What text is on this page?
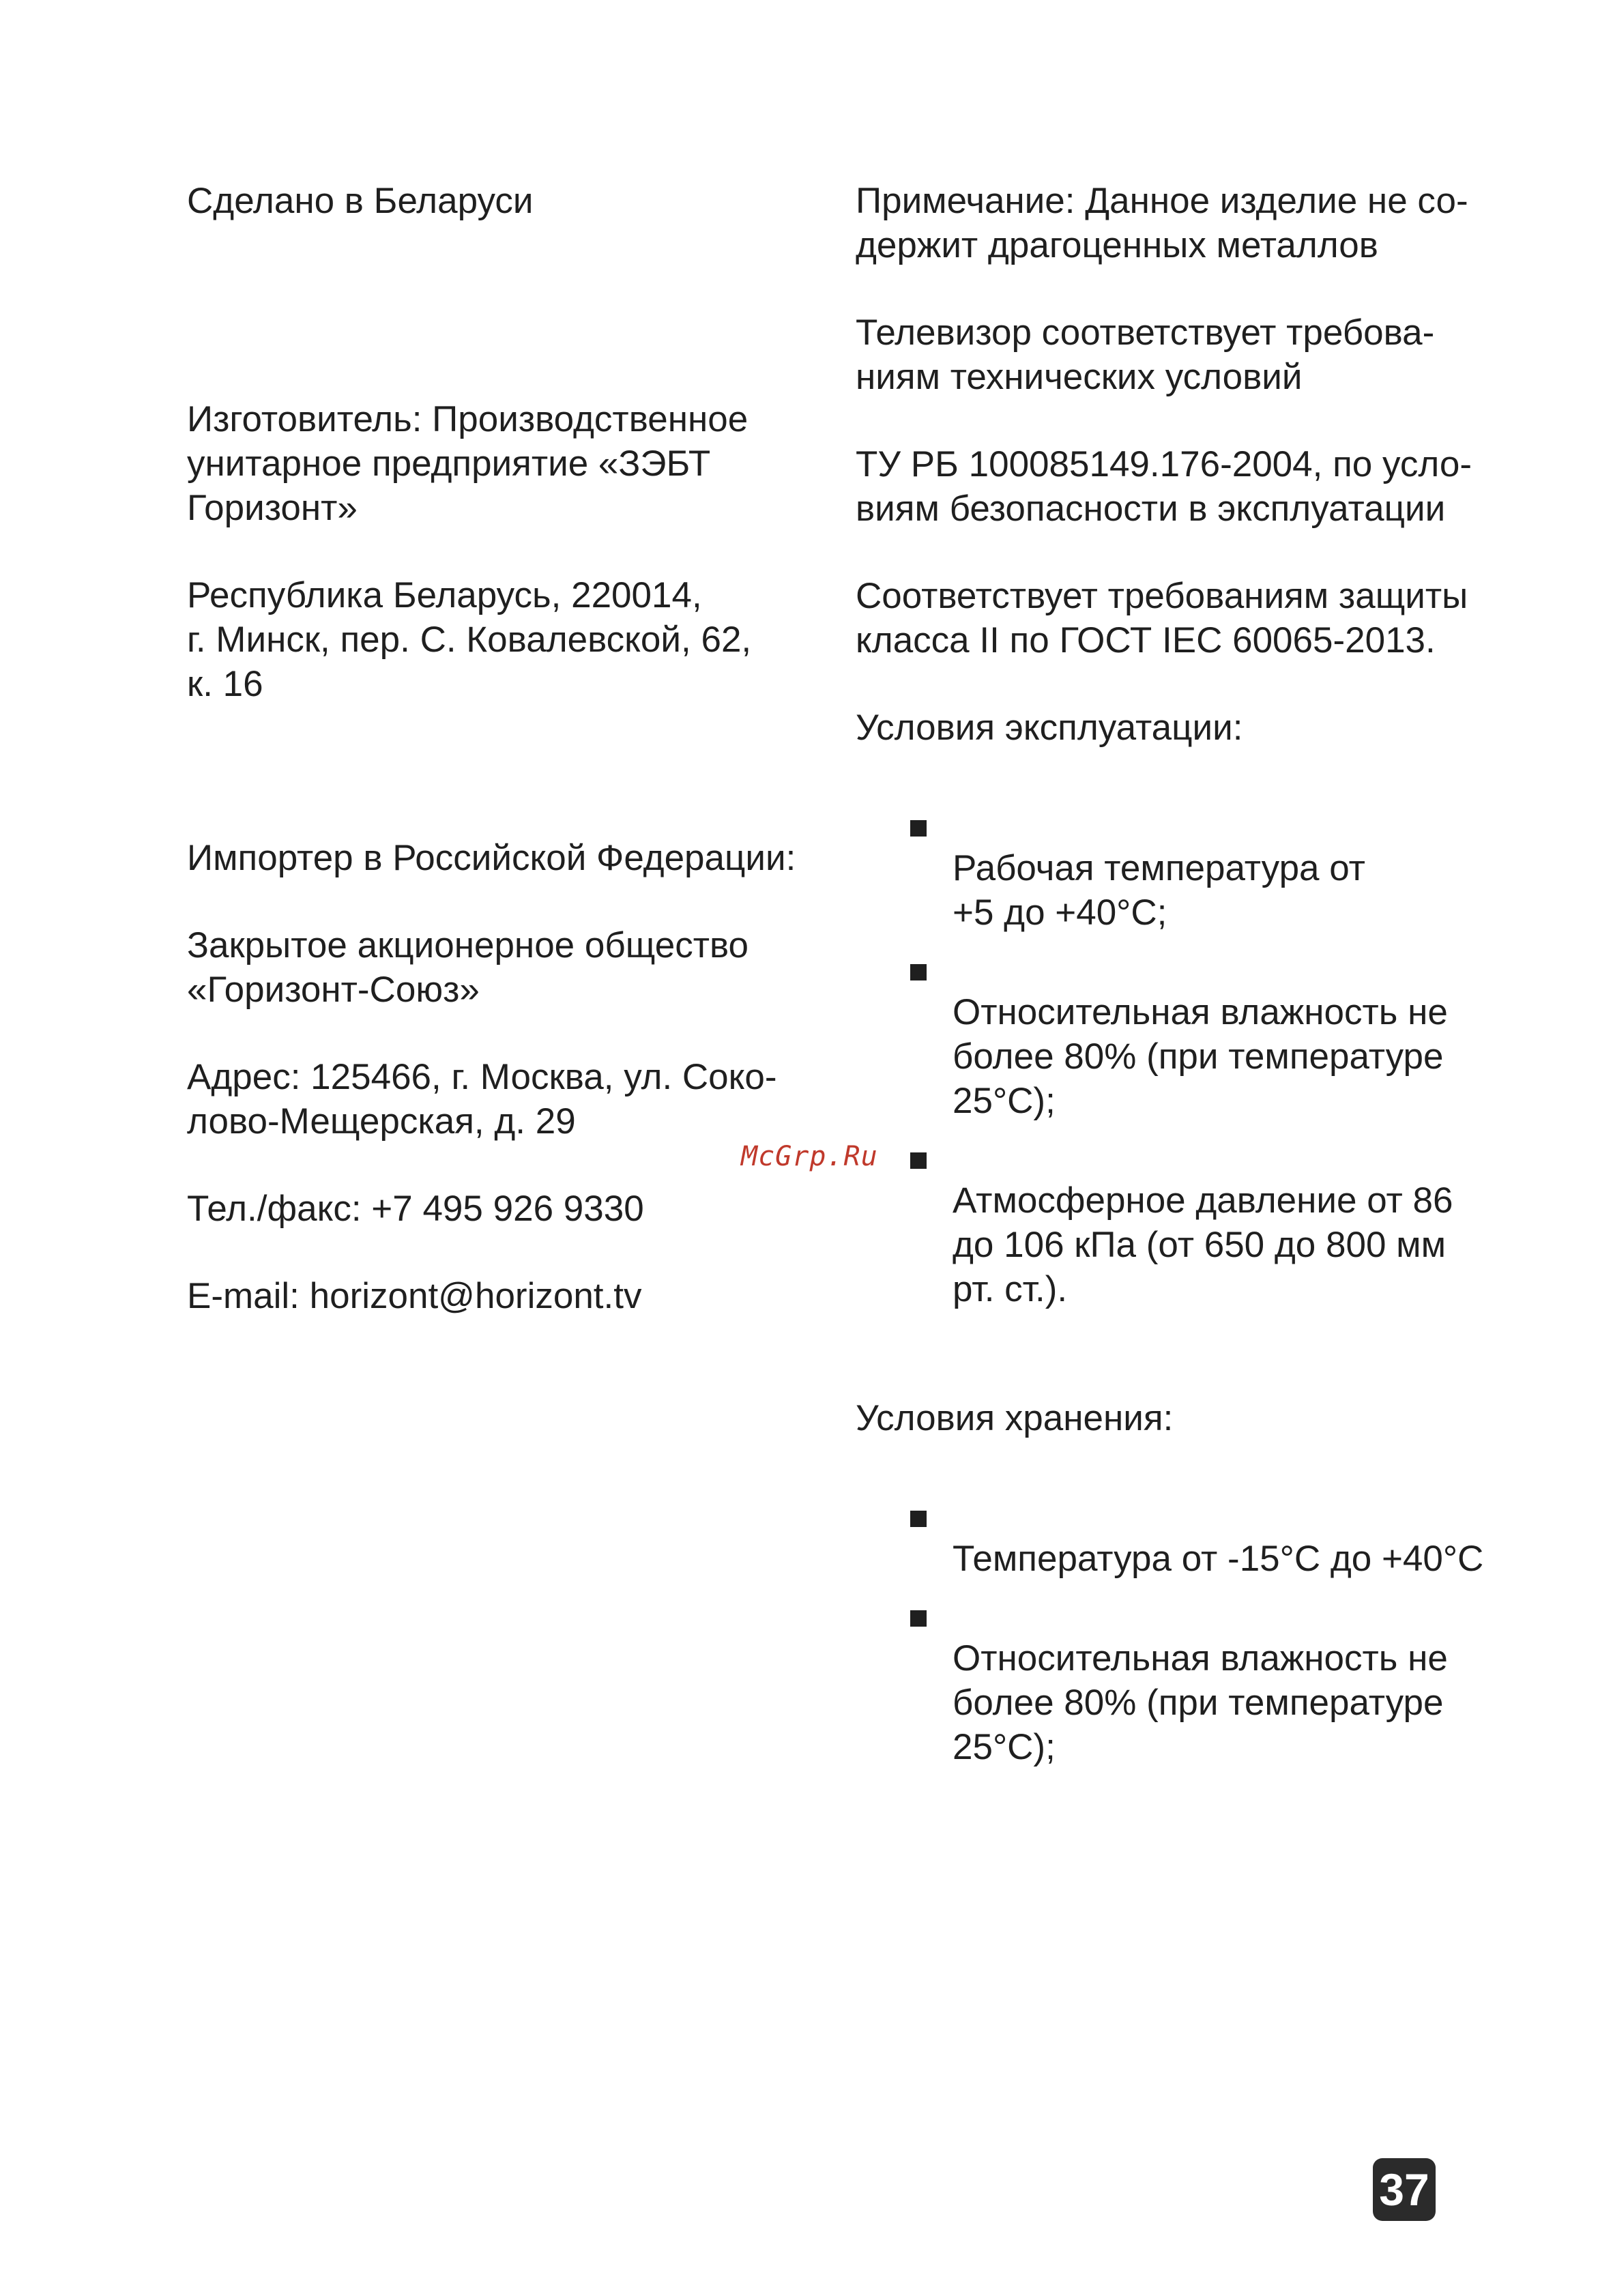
Сделано в Беларуси

Изготовитель: Производственное
унитарное предприятие «ЗЭБТ
Горизонт»

Республика Беларусь, 220014,
г. Минск, пер. С. Ковалевской, 62,
к. 16

Импортер в Российской Федерации:

Закрытое акционерное общество
«Горизонт-Союз»

Адрес: 125466, г. Москва, ул. Соко-
лово-Мещерская, д. 29

Тел./факс: +7 495 926 9330

E-mail: horizont@horizont.tv

Примечание: Данное изделие не со-
держит драгоценных металлов

Телевизор соответствует требова-
ниям технических условий

ТУ РБ 100085149.176-2004, по усло-
виям безопасности в эксплуатации

Соответствует требованиям защиты
класса II по ГОСТ IEC 60065-2013.

Условия эксплуатации:

Рабочая температура от
+5 до +40°C;

Относительная влажность не
более 80% (при температуре
25°C);

Атмосферное давление от 86
до 106 кПа (от 650 до 800 мм
рт. ст.).

Условия хранения:

Температура от -15°C до +40°C

Относительная влажность не
более 80% (при температуре
25°C);

McGrp.Ru
37
